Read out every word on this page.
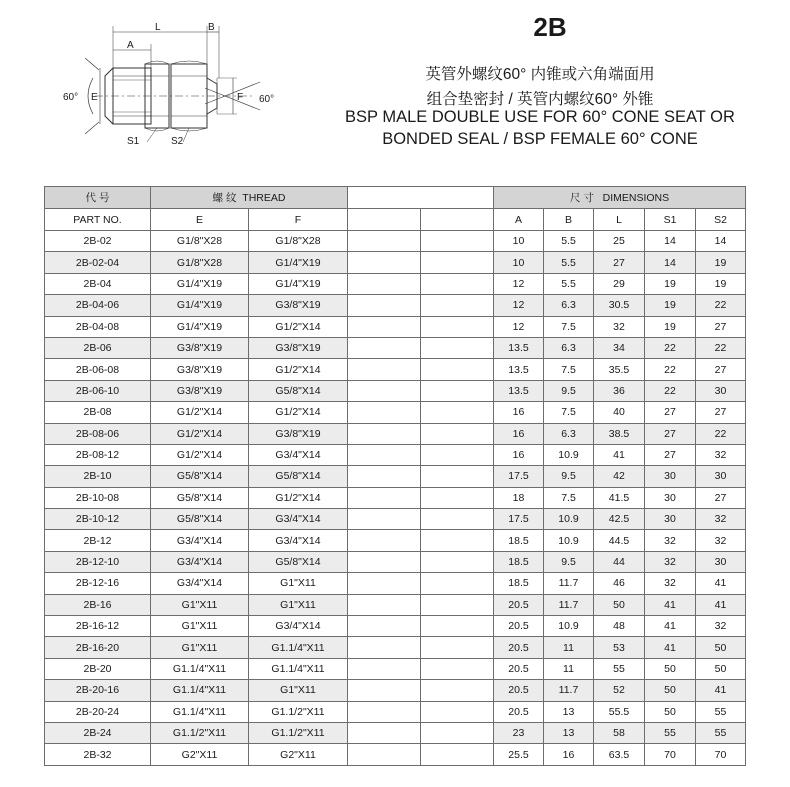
L	B
A
E	F
S1	S2
60°	60°
2B
英管外螺纹60° 内锥或六角端面用
组合垫密封 / 英管内螺纹60° 外锥
BSP MALE DOUBLE USE FOR 60° CONE SEAT OR
BONDED SEAL / BSP FEMALE 60° CONE
代 号	螺 纹 THREAD				尺 寸 DIMENSIONS				
PART NO.	E	F			A	B	L	S1	S2
2B-02	G1/8"X28	G1/8"X28			10	5.5	25	14	14
2B-02-04	G1/8"X28	G1/4"X19			10	5.5	27	14	19
2B-04	G1/4"X19	G1/4"X19			12	5.5	29	19	19
2B-04-06	G1/4"X19	G3/8"X19			12	6.3	30.5	19	22
2B-04-08	G1/4"X19	G1/2"X14			12	7.5	32	19	27
2B-06	G3/8"X19	G3/8"X19			13.5	6.3	34	22	22
2B-06-08	G3/8"X19	G1/2"X14			13.5	7.5	35.5	22	27
2B-06-10	G3/8"X19	G5/8"X14			13.5	9.5	36	22	30
2B-08	G1/2"X14	G1/2"X14			16	7.5	40	27	27
2B-08-06	G1/2"X14	G3/8"X19			16	6.3	38.5	27	22
2B-08-12	G1/2"X14	G3/4"X14			16	10.9	41	27	32
2B-10	G5/8"X14	G5/8"X14			17.5	9.5	42	30	30
2B-10-08	G5/8"X14	G1/2"X14			18	7.5	41.5	30	27
2B-10-12	G5/8"X14	G3/4"X14			17.5	10.9	42.5	30	32
2B-12	G3/4"X14	G3/4"X14			18.5	10.9	44.5	32	32
2B-12-10	G3/4"X14	G5/8"X14			18.5	9.5	44	32	30
2B-12-16	G3/4"X14	G1"X11			18.5	11.7	46	32	41
2B-16	G1"X11	G1"X11			20.5	11.7	50	41	41
2B-16-12	G1"X11	G3/4"X14			20.5	10.9	48	41	32
2B-16-20	G1"X11	G1.1/4"X11			20.5	11	53	41	50
2B-20	G1.1/4"X11	G1.1/4"X11			20.5	11	55	50	50
2B-20-16	G1.1/4"X11	G1"X11			20.5	11.7	52	50	41
2B-20-24	G1.1/4"X11	G1.1/2"X11			20.5	13	55.5	50	55
2B-24	G1.1/2"X11	G1.1/2"X11			23	13	58	55	55
2B-32	G2"X11	G2"X11			25.5	16	63.5	70	70
